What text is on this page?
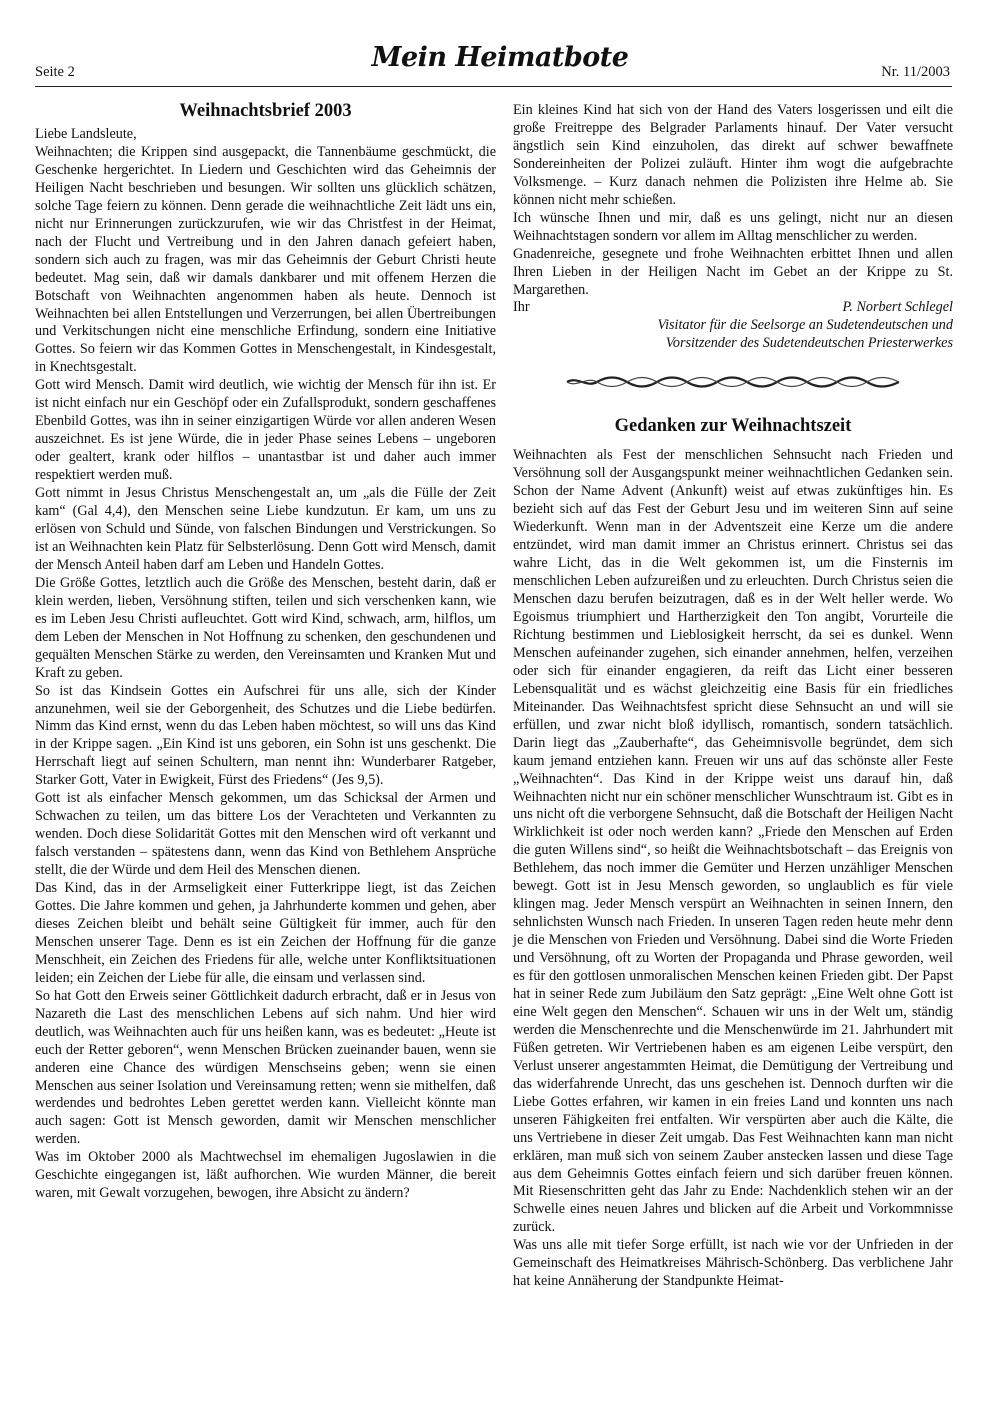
Seite 2	Mein Heimatbote	Nr. 11/2003
Weihnachtsbrief 2003

Liebe Landsleute,

Weihnachten; die Krippen sind ausgepackt, die Tannenbäume geschmückt, die Geschenke hergerichtet. In Liedern und Geschichten wird das Geheimnis der Heiligen Nacht beschrieben und besungen. Wir sollten uns glücklich schätzen, solche Tage feiern zu können. Denn gerade die weihnachtliche Zeit lädt uns ein, nicht nur Erinnerungen zurückzurufen, wie wir das Christfest in der Heimat, nach der Flucht und Vertreibung und in den Jahren danach gefeiert haben, sondern sich auch zu fragen, was mir das Geheimnis der Geburt Christi heute bedeutet. Mag sein, daß wir damals dankbarer und mit offenem Herzen die Botschaft von Weihnachten angenommen haben als heute. Dennoch ist Weihnachten bei allen Entstellungen und Verzerrungen, bei allen Übertreibungen und Verkitschungen nicht eine menschliche Erfindung, sondern eine Initiative Gottes. So feiern wir das Kommen Gottes in Menschengestalt, in Kindesgestalt, in Knechtsgestalt.

Gott wird Mensch. Damit wird deutlich, wie wichtig der Mensch für ihn ist. Er ist nicht einfach nur ein Geschöpf oder ein Zufallsprodukt, sondern geschaffenes Ebenbild Gottes, was ihn in seiner einzigartigen Würde vor allen anderen Wesen auszeichnet. Es ist jene Würde, die in jeder Phase seines Lebens – ungeboren oder gealtert, krank oder hilflos – unantastbar ist und daher auch immer respektiert werden muß.

Gott nimmt in Jesus Christus Menschengestalt an, um „als die Fülle der Zeit kam“ (Gal 4,4), den Menschen seine Liebe kundzutun. Er kam, um uns zu erlösen von Schuld und Sünde, von falschen Bindungen und Verstrickungen. So ist an Weihnachten kein Platz für Selbsterlösung. Denn Gott wird Mensch, damit der Mensch Anteil haben darf am Leben und Handeln Gottes.

Die Größe Gottes, letztlich auch die Größe des Menschen, besteht darin, daß er klein werden, lieben, Versöhnung stiften, teilen und sich verschenken kann, wie es im Leben Jesu Christi aufleuchtet. Gott wird Kind, schwach, arm, hilflos, um dem Leben der Menschen in Not Hoffnung zu schenken, den geschundenen und gequälten Menschen Stärke zu werden, den Vereinsamten und Kranken Mut und Kraft zu geben.

So ist das Kindsein Gottes ein Aufschrei für uns alle, sich der Kinder anzunehmen, weil sie der Geborgenheit, des Schutzes und die Liebe bedürfen. Nimm das Kind ernst, wenn du das Leben haben möchtest, so will uns das Kind in der Krippe sagen. „Ein Kind ist uns geboren, ein Sohn ist uns geschenkt. Die Herrschaft liegt auf seinen Schultern, man nennt ihn: Wunderbarer Ratgeber, Starker Gott, Vater in Ewigkeit, Fürst des Friedens“ (Jes 9,5).

Gott ist als einfacher Mensch gekommen, um das Schicksal der Armen und Schwachen zu teilen, um das bittere Los der Verachteten und Verkannten zu wenden. Doch diese Solidarität Gottes mit den Menschen wird oft verkannt und falsch verstanden – spätestens dann, wenn das Kind von Bethlehem Ansprüche stellt, die der Würde und dem Heil des Menschen dienen.

Das Kind, das in der Armseligkeit einer Futterkrippe liegt, ist das Zeichen Gottes. Die Jahre kommen und gehen, ja Jahrhunderte kommen und gehen, aber dieses Zeichen bleibt und behält seine Gültigkeit für immer, auch für den Menschen unserer Tage. Denn es ist ein Zeichen der Hoffnung für die ganze Menschheit, ein Zeichen des Friedens für alle, welche unter Konfliktsituationen leiden; ein Zeichen der Liebe für alle, die einsam und verlassen sind.

So hat Gott den Erweis seiner Göttlichkeit dadurch erbracht, daß er in Jesus von Nazareth die Last des menschlichen Lebens auf sich nahm. Und hier wird deutlich, was Weihnachten auch für uns heißen kann, was es bedeutet: „Heute ist euch der Retter geboren“, wenn Menschen Brücken zueinander bauen, wenn sie anderen eine Chance des würdigen Menschseins geben; wenn sie einen Menschen aus seiner Isolation und Vereinsamung retten; wenn sie mithelfen, daß werdendes und bedrohtes Leben gerettet werden kann. Vielleicht könnte man auch sagen: Gott ist Mensch geworden, damit wir Menschen menschlicher werden.

Was im Oktober 2000 als Machtwechsel im ehemaligen Jugoslawien in die Geschichte eingegangen ist, läßt aufhorchen. Wie wurden Männer, die bereit waren, mit Gewalt vorzugehen, bewogen, ihre Absicht zu ändern?

Ein kleines Kind hat sich von der Hand des Vaters losgerissen und eilt die große Freitreppe des Belgrader Parlaments hinauf. Der Vater versucht ängstlich sein Kind einzuholen, das direkt auf schwer bewaffnete Sondereinheiten der Polizei zuläuft. Hinter ihm wogt die aufgebrachte Volksmenge. – Kurz danach nehmen die Polizisten ihre Helme ab. Sie können nicht mehr schießen.

Ich wünsche Ihnen und mir, daß es uns gelingt, nicht nur an diesen Weihnachtstagen sondern vor allem im Alltag menschlicher zu werden.

Gnadenreiche, gesegnete und frohe Weihnachten erbittet Ihnen und allen Ihren Lieben in der Heiligen Nacht im Gebet an der Krippe zu St. Margarethen.

Ihr	P. Norbert Schlegel
Visitator für die Seelsorge an Sudetendeutschen und
Vorsitzender des Sudetendeutschen Priesterwerkes
Gedanken zur Weihnachtszeit

Weihnachten als Fest der menschlichen Sehnsucht nach Frieden und Versöhnung soll der Ausgangspunkt meiner weihnachtlichen Gedanken sein. Schon der Name Advent (Ankunft) weist auf etwas zukünftiges hin. Es bezieht sich auf das Fest der Geburt Jesu und im weiteren Sinn auf seine Wiederkunft. Wenn man in der Adventszeit eine Kerze um die andere entzündet, wird man damit immer an Christus erinnert. Christus sei das wahre Licht, das in die Welt gekommen ist, um die Finsternis im menschlichen Leben aufzureißen und zu erleuchten. Durch Christus seien die Menschen dazu berufen beizutragen, daß es in der Welt heller werde. Wo Egoismus triumphiert und Hartherzigkeit den Ton angibt, Vorurteile die Richtung bestimmen und Lieblosigkeit herrscht, da sei es dunkel. Wenn Menschen aufeinander zugehen, sich einander annehmen, helfen, verzeihen oder sich für einander engagieren, da reift das Licht einer besseren Lebensqualität und es wächst gleichzeitig eine Basis für ein friedliches Miteinander. Das Weihnachtsfest spricht diese Sehnsucht an und will sie erfüllen, und zwar nicht bloß idyllisch, romantisch, sondern tatsächlich. Darin liegt das „Zauberhafte“, das Geheimnisvolle begründet, dem sich kaum jemand entziehen kann. Freuen wir uns auf das schönste aller Feste „Weihnachten“. Das Kind in der Krippe weist uns darauf hin, daß Weihnachten nicht nur ein schöner menschlicher Wunschtraum ist. Gibt es in uns nicht oft die verborgene Sehnsucht, daß die Botschaft der Heiligen Nacht Wirklichkeit ist oder noch werden kann? „Friede den Menschen auf Erden die guten Willens sind“, so heißt die Weihnachtsbotschaft – das Ereignis von Bethlehem, das noch immer die Gemüter und Herzen unzähliger Menschen bewegt. Gott ist in Jesu Mensch geworden, so unglaublich es für viele klingen mag. Jeder Mensch verspürt an Weihnachten in seinen Innern, den sehnlichsten Wunsch nach Frieden. In unseren Tagen reden heute mehr denn je die Menschen von Frieden und Versöhnung. Dabei sind die Worte Frieden und Versöhnung, oft zu Worten der Propaganda und Phrase geworden, weil es für den gottlosen unmoralischen Menschen keinen Frieden gibt. Der Papst hat in seiner Rede zum Jubiläum den Satz geprägt: „Eine Welt ohne Gott ist eine Welt gegen den Menschen“. Schauen wir uns in der Welt um, ständig werden die Menschenrechte und die Menschenwürde im 21. Jahrhundert mit Füßen getreten. Wir Vertriebenen haben es am eigenen Leibe verspürt, den Verlust unserer angestammten Heimat, die Demütigung der Vertreibung und das widerfahrende Unrecht, das uns geschehen ist. Dennoch durften wir die Liebe Gottes erfahren, wir kamen in ein freies Land und konnten uns nach unseren Fähigkeiten frei entfalten. Wir verspürten aber auch die Kälte, die uns Vertriebene in dieser Zeit umgab. Das Fest Weihnachten kann man nicht erklären, man muß sich von seinem Zauber anstecken lassen und diese Tage aus dem Geheimnis Gottes einfach feiern und sich darüber freuen können. Mit Riesenschritten geht das Jahr zu Ende: Nachdenklich stehen wir an der Schwelle eines neuen Jahres und blicken auf die Arbeit und Vorkommnisse zurück.

Was uns alle mit tiefer Sorge erfüllt, ist nach wie vor der Unfrieden in der Gemeinschaft des Heimatkreises Mährisch-Schönberg. Das verblichene Jahr hat keine Annäherung der Standpunkte Heimat-
